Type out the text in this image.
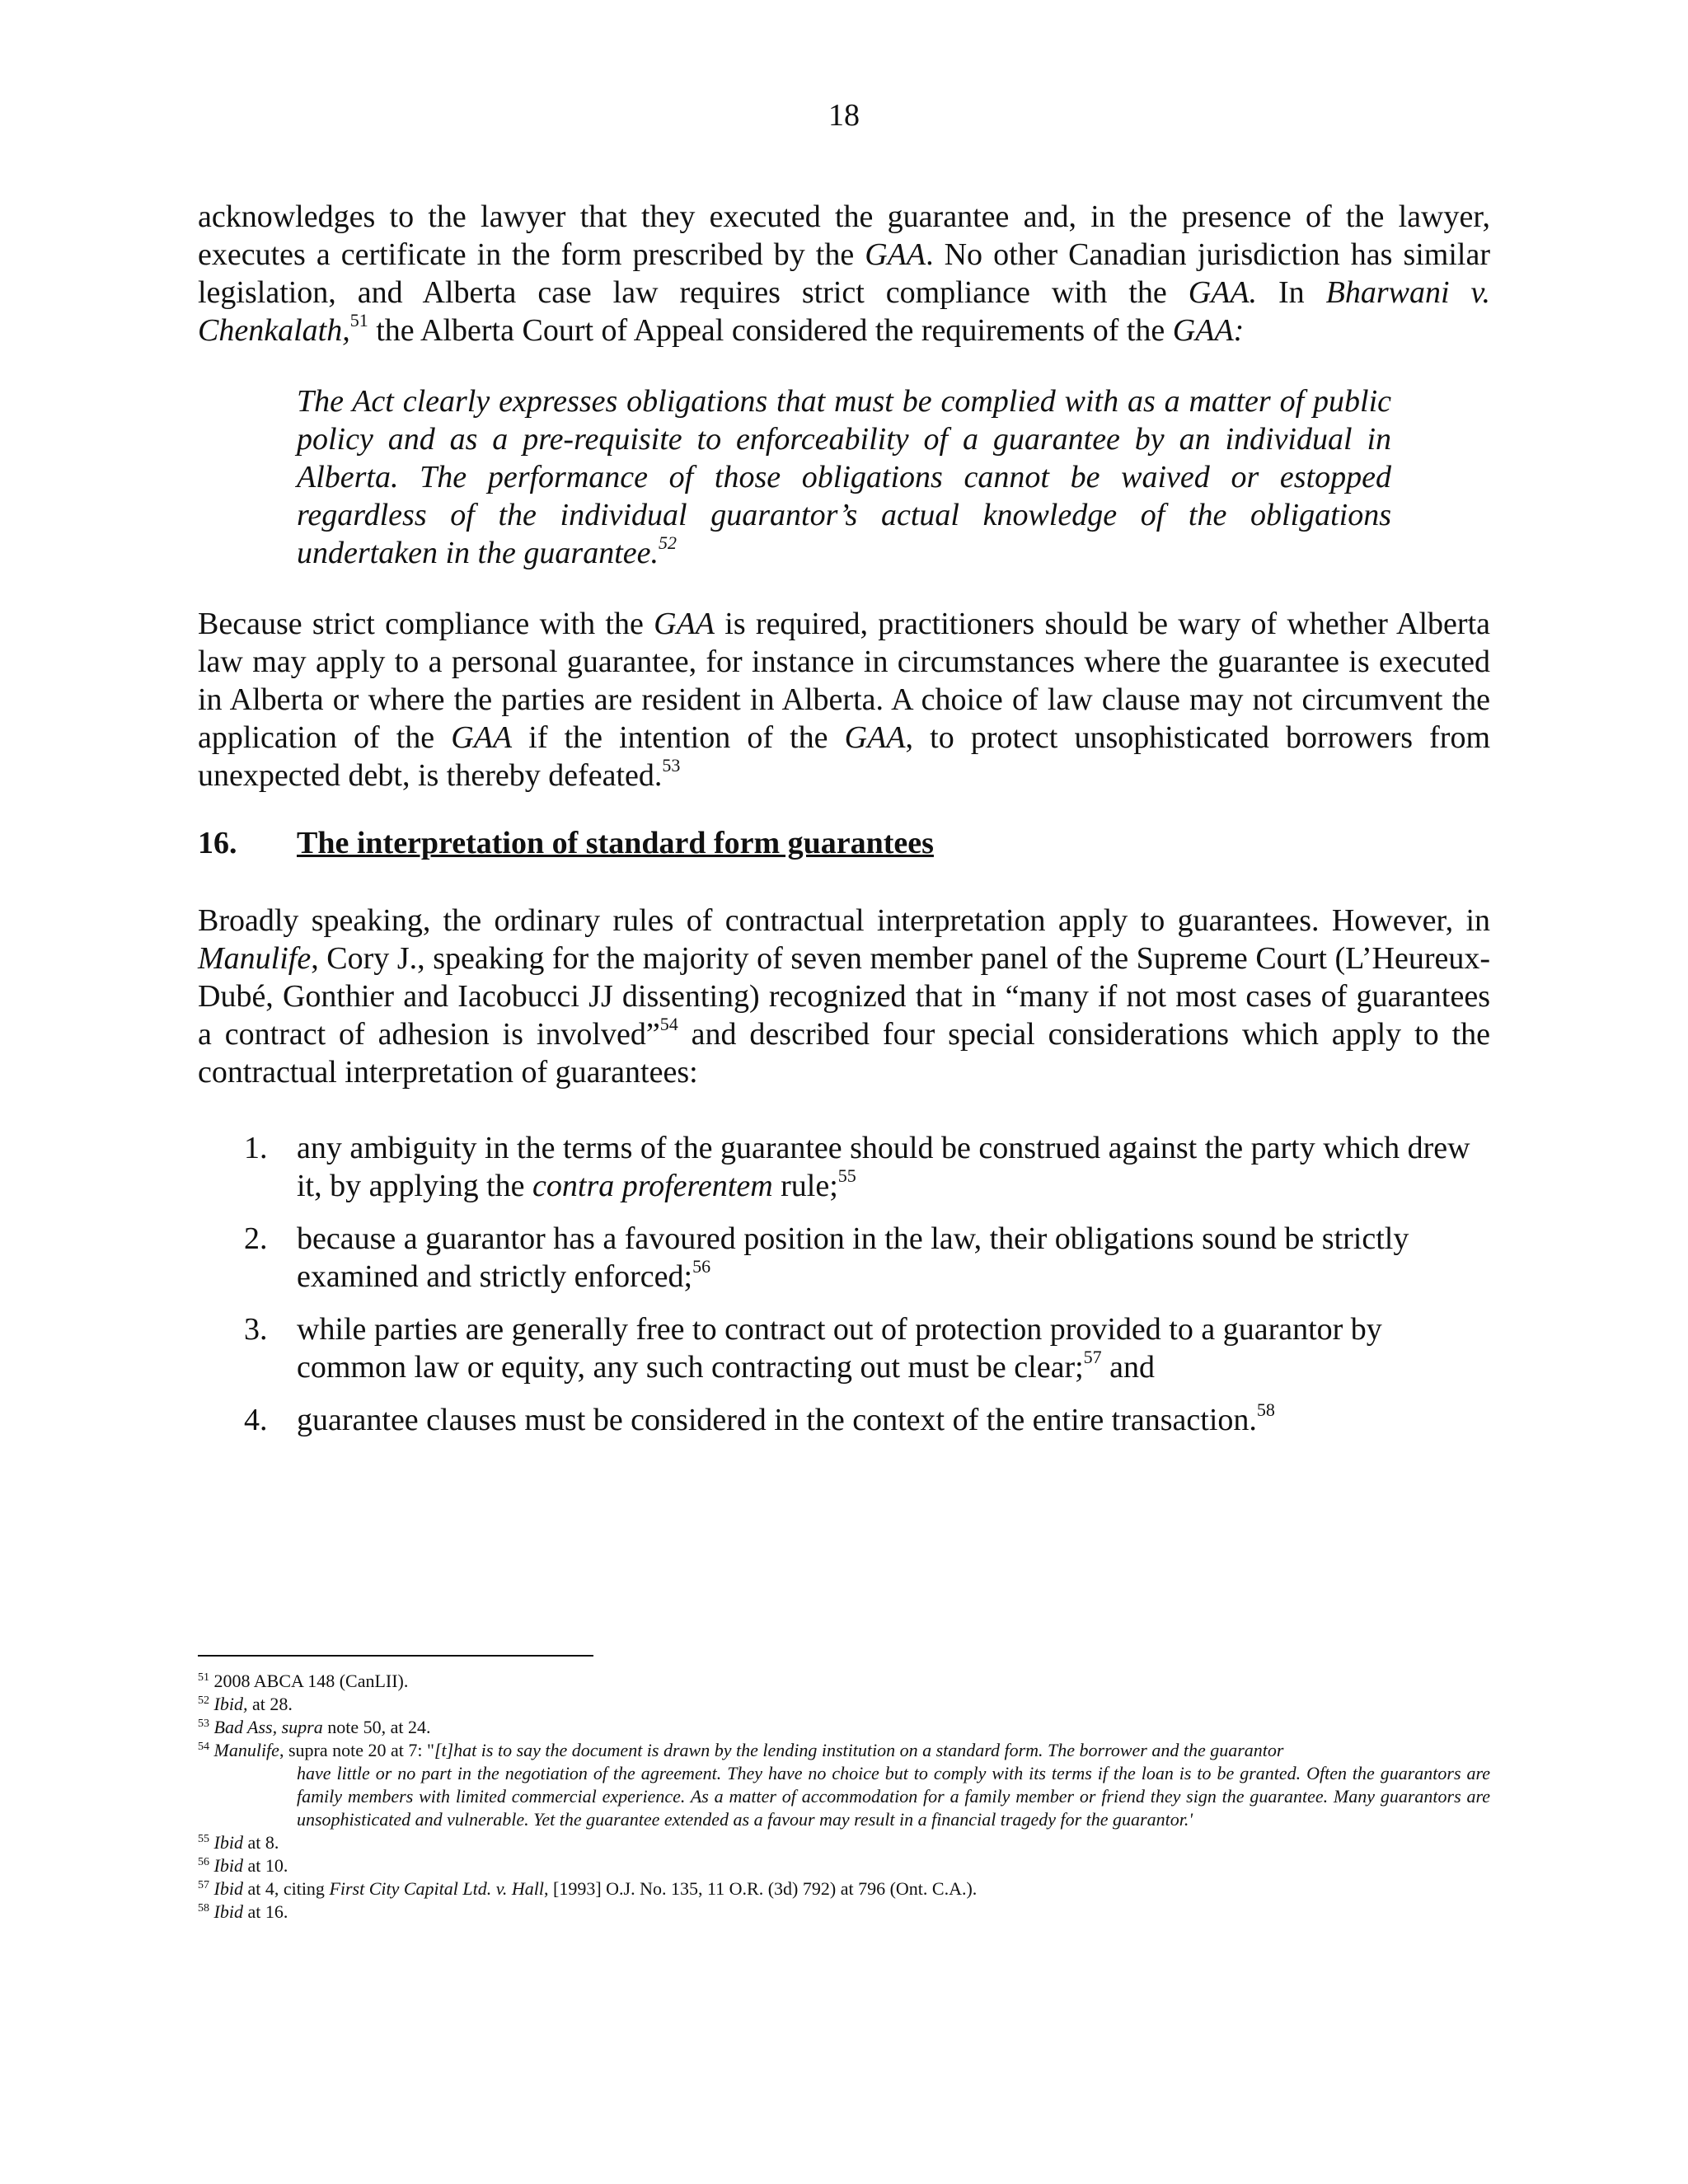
18

acknowledges to the lawyer that they executed the guarantee and, in the presence of the lawyer, executes a certificate in the form prescribed by the GAA. No other Canadian jurisdiction has similar legislation, and Alberta case law requires strict compliance with the GAA. In Bharwani v. Chenkalath,$^{51}$ the Alberta Court of Appeal considered the requirements of the GAA:

The Act clearly expresses obligations that must be complied with as a matter of public policy and as a pre-requisite to enforceability of a guarantee by an individual in Alberta. The performance of those obligations cannot be waived or estopped regardless of the individual guarantor’s actual knowledge of the obligations undertaken in the guarantee.$^{52}$

Because strict compliance with the GAA is required, practitioners should be wary of whether Alberta law may apply to a personal guarantee, for instance in circumstances where the guarantee is executed in Alberta or where the parties are resident in Alberta. A choice of law clause may not circumvent the application of the GAA if the intention of the GAA, to protect unsophisticated borrowers from unexpected debt, is thereby defeated.$^{53}$

16. The interpretation of standard form guarantees

Broadly speaking, the ordinary rules of contractual interpretation apply to guarantees. However, in Manulife, Cory J., speaking for the majority of seven member panel of the Supreme Court (L’Heureux-Dubé, Gonthier and Iacobucci JJ dissenting) recognized that in “many if not most cases of guarantees a contract of adhesion is involved”$^{54}$ and described four special considerations which apply to the contractual interpretation of guarantees:

1. any ambiguity in the terms of the guarantee should be construed against the party which drew it, by applying the contra proferentem rule;$^{55}$
2. because a guarantor has a favoured position in the law, their obligations sound be strictly examined and strictly enforced;$^{56}$
3. while parties are generally free to contract out of protection provided to a guarantor by common law or equity, any such contracting out must be clear;$^{57}$ and
4. guarantee clauses must be considered in the context of the entire transaction.$^{58}$
$^{51}$ 2008 ABCA 148 (CanLII).
$^{52}$ Ibid, at 28.
$^{53}$ Bad Ass, supra note 50, at 24.
$^{54}$ Manulife, supra note 20 at 7: "[t]hat is to say the document is drawn by the lending institution on a standard form. The borrower and the guarantor
have little or no part in the negotiation of the agreement. They have no choice but to comply with its terms if the loan is to be granted. Often the guarantors are family members with limited commercial experience. As a matter of accommodation for a family member or friend they sign the guarantee. Many guarantors are unsophisticated and vulnerable. Yet the guarantee extended as a favour may result in a financial tragedy for the guarantor.'
$^{55}$ Ibid at 8.
$^{56}$ Ibid at 10.
$^{57}$ Ibid at 4, citing First City Capital Ltd. v. Hall, [1993] O.J. No. 135, 11 O.R. (3d) 792) at 796 (Ont. C.A.).
$^{58}$ Ibid at 16.
